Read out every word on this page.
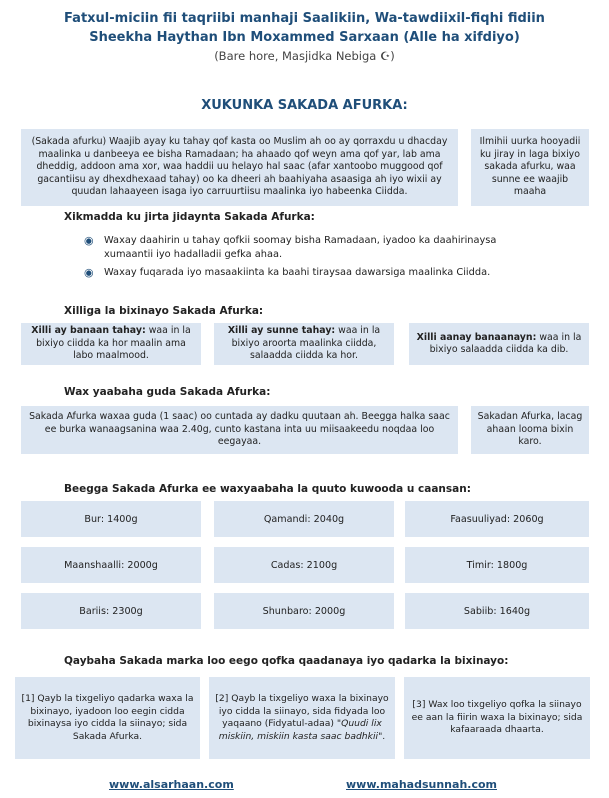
Fatxul-miciin fii taqriibi manhaji Saalikiin, Wa-tawdiixil-fiqhi fidiin
Sheekha Haythan Ibn Moxammed Sarxaan (Alle ha xifdiyo)
(Bare hore, Masjidka Nebiga ☪)
XUKUNKA SAKADA AFURKA:
(Sakada afurku) Waajib ayay ku tahay qof kasta oo Muslim ah oo ay qorraxdu u dhacday maalinka u danbeeya ee bisha Ramadaan; ha ahaado qof weyn ama qof yar, lab ama dheddig, addoon ama xor, waa haddii uu helayo hal saac (afar xantoobo muggood qof gacantiisu ay dhexdhexaad tahay) oo ka dheeri ah baahiyaha asaasiga ah iyo wixii ay quudan lahaayeen isaga iyo carruurtiisu maalinka iyo habeenka Ciidda.
Ilmihii uurka hooyadii ku jiray in laga bixiyo sakada afurku, waa sunne ee waajib maaha
Xikmadda ku jirta jidaynta Sakada Afurka:
◉ Waxay daahirin u tahay qofkii soomay bisha Ramadaan, iyadoo ka daahirinaysa xumaantii iyo hadalladii gefka ahaa.
◉ Waxay fuqarada iyo masaakiinta ka baahi tiraysaa dawarsiga maalinka Ciidda.
Xilliga la bixinayo Sakada Afurka:
Xilli ay banaan tahay: waa in la bixiyo ciidda ka hor maalin ama labo maalmood.
Xilli ay sunne tahay: waa in la bixiyo aroorta maalinka ciidda, salaadda ciidda ka hor.
Xilli aanay banaanayn: waa in la bixiyo salaadda ciidda ka dib.
Wax yaabaha guda Sakada Afurka:
Sakada Afurka waxaa guda (1 saac) oo cuntada ay dadku quutaan ah. Beegga halka saac ee burka wanaagsanina waa 2.40g, cunto kastana inta uu miisaakeedu noqdaa loo eegayaa.
Sakadan Afurka, lacag ahaan looma bixin karo.
Beegga Sakada Afurka ee waxyaabaha la quuto kuwooda u caansan:
Bur: 1400g	Qamandi: 2040g	Faasuuliyad: 2060g
Maanshaalli: 2000g	Cadas: 2100g	Timir: 1800g
Bariis: 2300g	Shunbaro: 2000g	Sabiib: 1640g
Qaybaha Sakada marka loo eego qofka qaadanaya iyo qadarka la bixinayo:
[1] Qayb la tixgeliyo qadarka waxa la bixinayo, iyadoon loo eegin cidda bixinaysa iyo cidda la siinayo; sida Sakada Afurka.
[2] Qayb la tixgeliyo waxa la bixinayo iyo cidda la siinayo, sida fidyada loo yaqaano (Fidyatul-adaa) "Quudi lix miskiin, miskiin kasta saac badhkii".
[3] Wax loo tixgeliyo qofka la siinayo ee aan la fiirin waxa la bixinayo; sida kafaaraada dhaarta.
www.alsarhaan.com	www.mahadsunnah.com
